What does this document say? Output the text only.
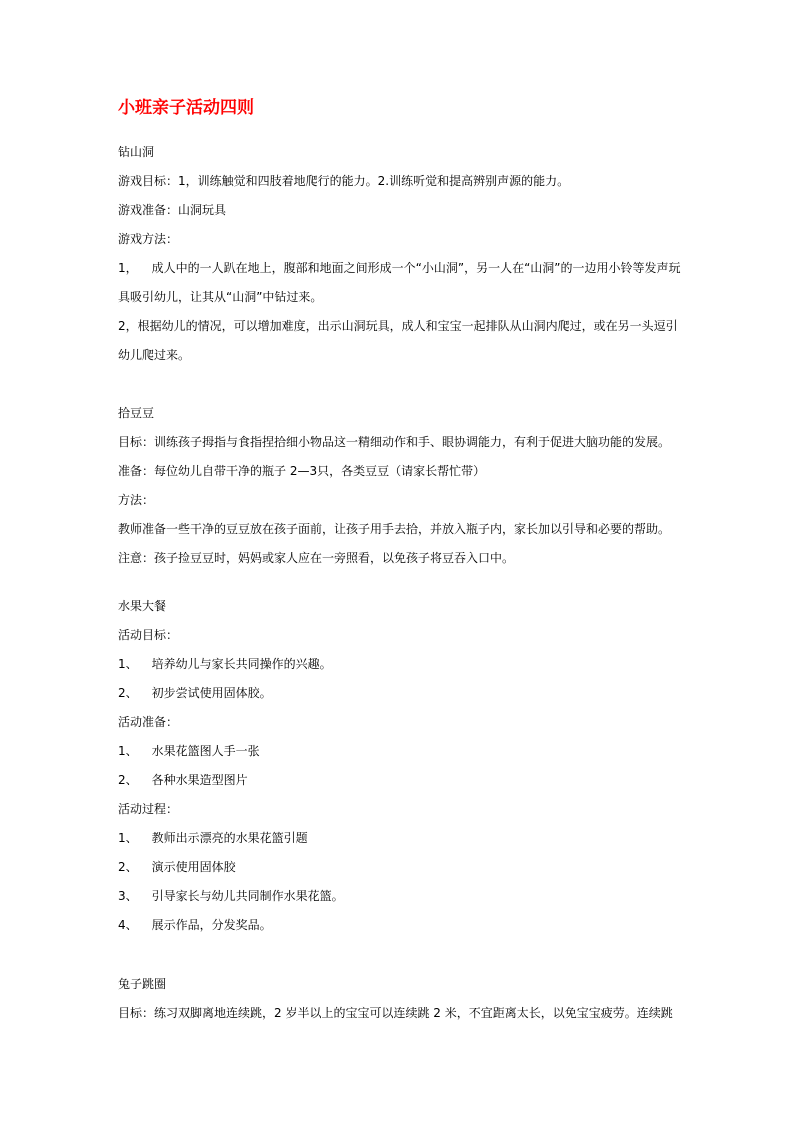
小班亲子活动四则
钻山洞
游戏目标：1，训练触觉和四肢着地爬行的能力。2.训练听觉和提高辨别声源的能力。
游戏准备：山洞玩具
游戏方法：
1， 成人中的一人趴在地上，腹部和地面之间形成一个“小山洞”，另一人在“山洞”的一边用小铃等发声玩
具吸引幼儿，让其从“山洞”中钻过来。
2，根据幼儿的情况，可以增加难度，出示山洞玩具，成人和宝宝一起排队从山洞内爬过，或在另一头逗引
幼儿爬过来。
拾豆豆
目标：训练孩子拇指与食指捏拾细小物品这一精细动作和手、眼协调能力，有利于促进大脑功能的发展。
准备：每位幼儿自带干净的瓶子 2—3只，各类豆豆（请家长帮忙带）
方法：
教师准备一些干净的豆豆放在孩子面前，让孩子用手去拾，并放入瓶子内，家长加以引导和必要的帮助。
注意：孩子捡豆豆时，妈妈或家人应在一旁照看，以免孩子将豆吞入口中。
水果大餐
活动目标：
1、 培养幼儿与家长共同操作的兴趣。
2、 初步尝试使用固体胶。
活动准备：
1、 水果花篮图人手一张
2、 各种水果造型图片
活动过程：
1、 教师出示漂亮的水果花篮引题
2、 演示使用固体胶
3、 引导家长与幼儿共同制作水果花篮。
4、 展示作品，分发奖品。
兔子跳圈
目标：练习双脚离地连续跳，2 岁半以上的宝宝可以连续跳 2 米，不宜距离太长，以免宝宝疲劳。连续跳
